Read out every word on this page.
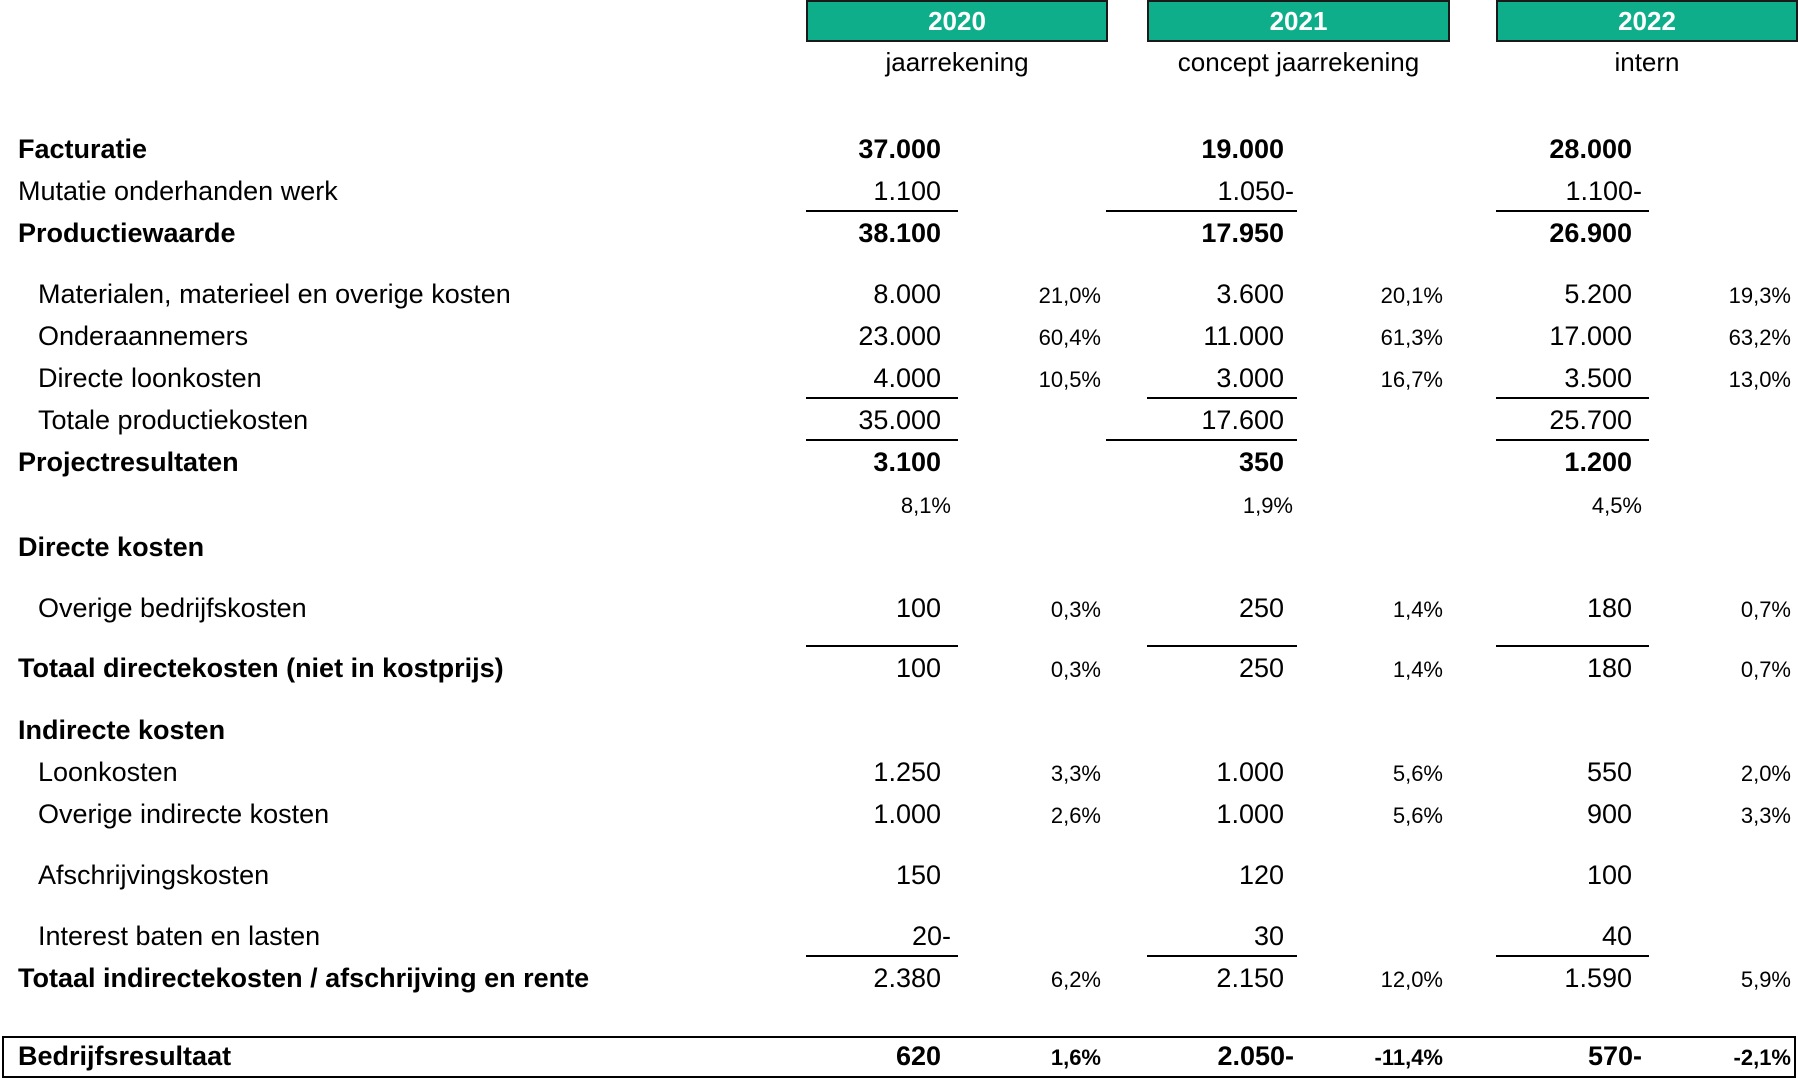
2020	2021	2022
jaarrekening	concept jaarrekening	intern
Facturatie	37.000	19.000	28.000
Mutatie onderhanden werk	1.100	1.050-	1.100-
Productiewaarde	38.100	17.950	26.900
Materialen, materieel en overige kosten	8.000	21,0%	3.600	20,1%	5.200	19,3%
Onderaannemers	23.000	60,4%	11.000	61,3%	17.000	63,2%
Directe loonkosten	4.000	10,5%	3.000	16,7%	3.500	13,0%
Totale productiekosten	35.000	17.600	25.700
Projectresultaten	3.100	350	1.200
8,1%	1,9%	4,5%
Directe kosten
Overige bedrijfskosten	100	0,3%	250	1,4%	180	0,7%
Totaal directekosten (niet in kostprijs)	100	0,3%	250	1,4%	180	0,7%
Indirecte kosten
Loonkosten	1.250	3,3%	1.000	5,6%	550	2,0%
Overige indirecte kosten	1.000	2,6%	1.000	5,6%	900	3,3%
Afschrijvingskosten	150	120	100
Interest baten en lasten	20-	30	40
Totaal indirectekosten / afschrijving en rente	2.380	6,2%	2.150	12,0%	1.590	5,9%
Bedrijfsresultaat	620	1,6%	2.050-	-11,4%	570-	-2,1%
